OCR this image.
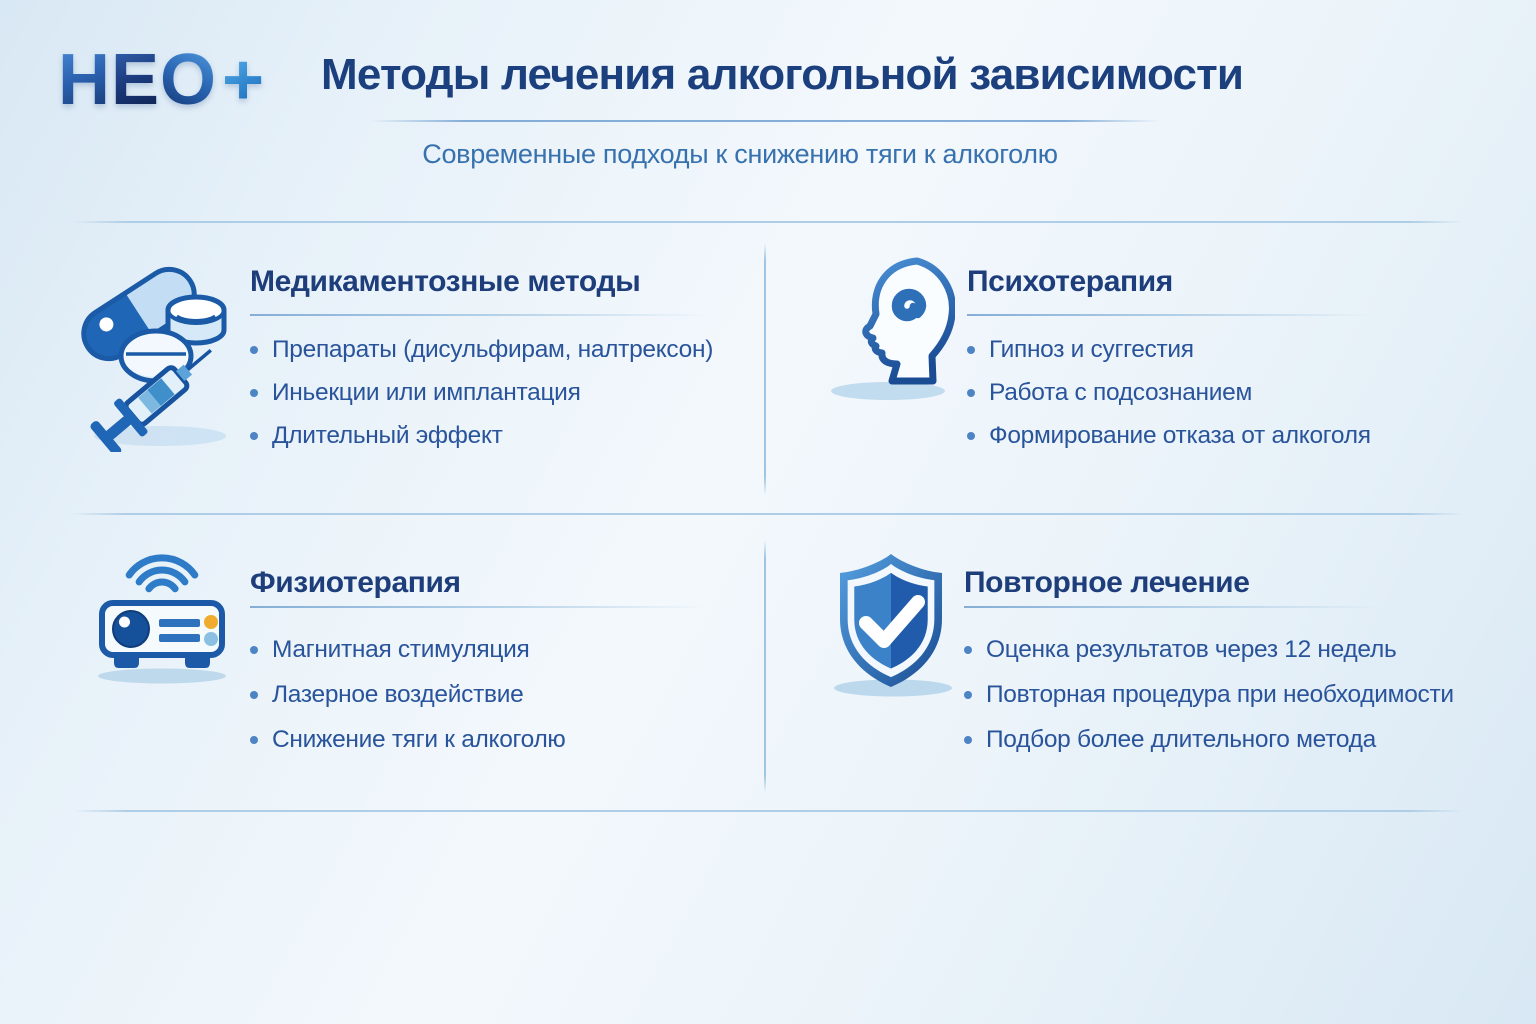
Н Е О + Методы лечения алкогольной зависимости
Современные подходы к снижению тяги к алкоголю
Медикаментозные методы
Препараты (дисульфирам, налтрексон)
Иньекции или имплантация
Длительный эффект
Психотерапия
Гипноз и суггестия
Работа с подсознанием
Формирование отказа от алкоголя
Физиотерапия
Магнитная стимуляция
Лазерное воздействие
Снижение тяги к алкоголю
Повторное лечение
Оценка результатов через 12 недель
Повторная процедура при необходимости
Подбор более длительного метода
